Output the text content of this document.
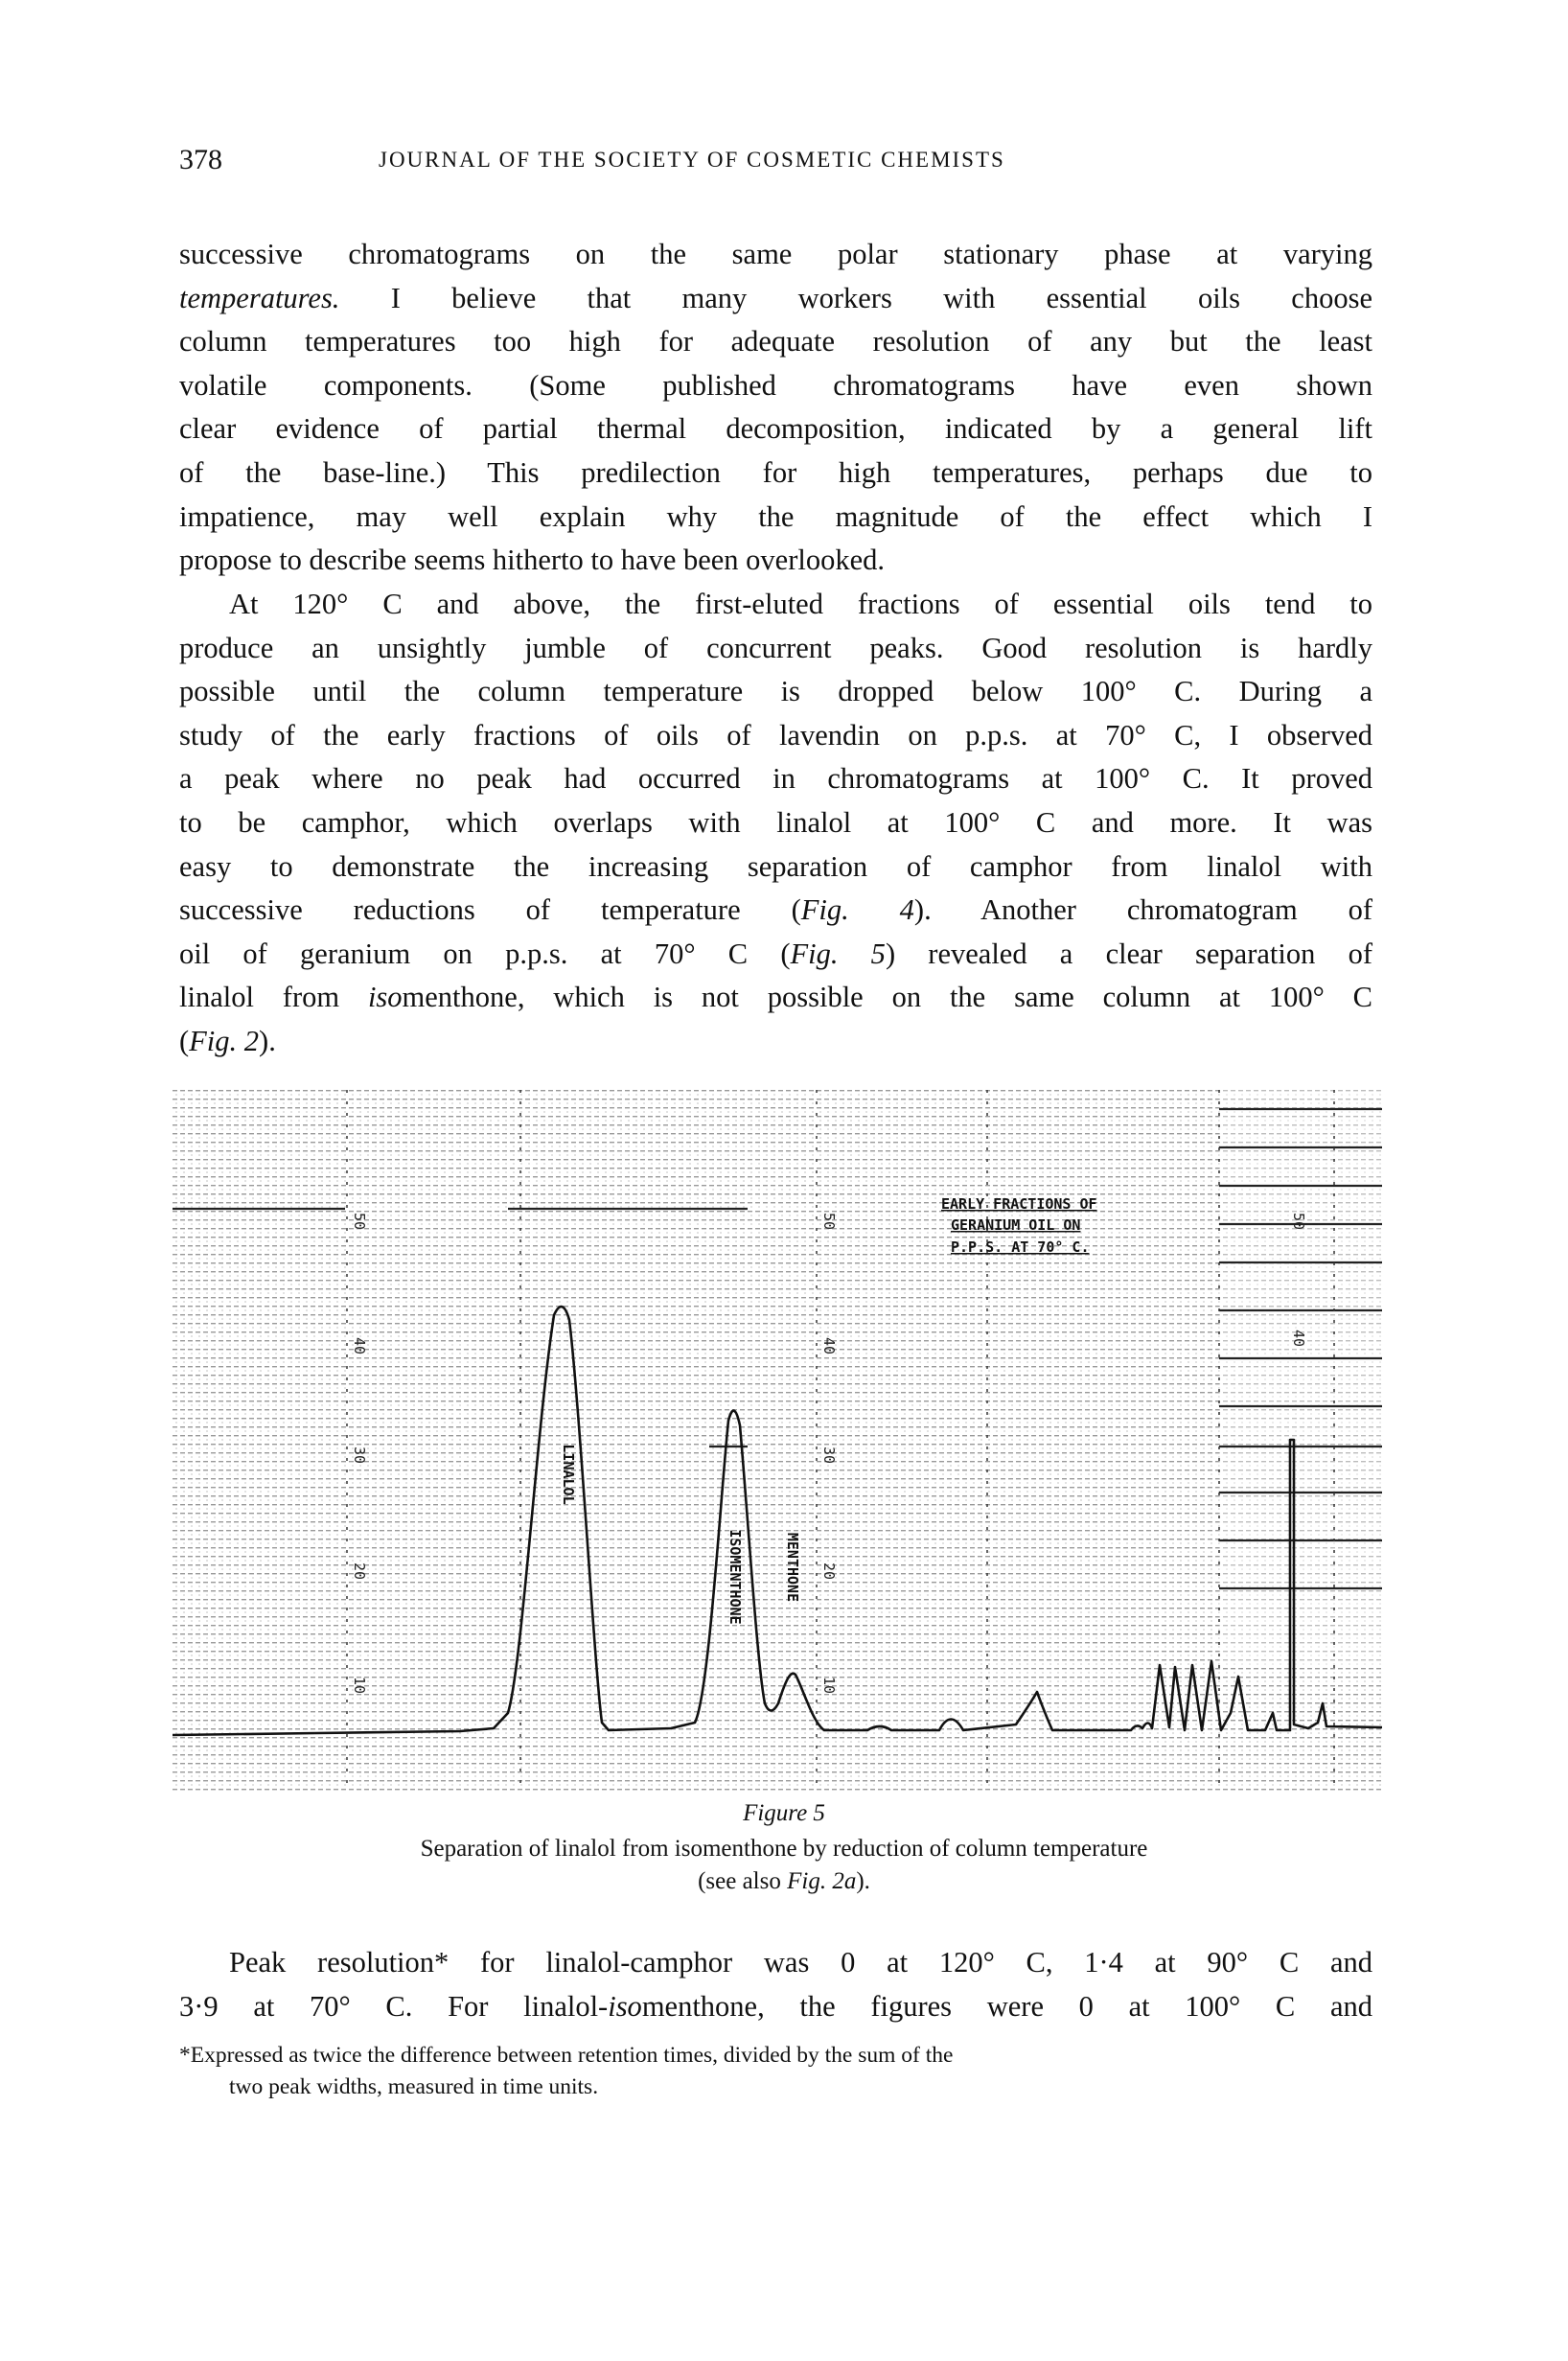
378	JOURNAL OF THE SOCIETY OF COSMETIC CHEMISTS
successive chromatograms on the same polar stationary phase at varying
temperatures. I believe that many workers with essential oils choose
column temperatures too high for adequate resolution of any but the least
volatile components. (Some published chromatograms have even shown
clear evidence of partial thermal decomposition, indicated by a general lift
of the base-line.) This predilection for high temperatures, perhaps due to
impatience, may well explain why the magnitude of the effect which I
propose to describe seems hitherto to have been overlooked.
At 120° C and above, the first-eluted fractions of essential oils tend to
produce an unsightly jumble of concurrent peaks. Good resolution is hardly
possible until the column temperature is dropped below 100° C. During a
study of the early fractions of oils of lavendin on p.p.s. at 70° C, I observed
a peak where no peak had occurred in chromatograms at 100° C. It proved
to be camphor, which overlaps with linalol at 100° C and more. It was
easy to demonstrate the increasing separation of camphor from linalol with
successive reductions of temperature (Fig. 4). Another chromatogram of
oil of geranium on p.p.s. at 70° C (Fig. 5) revealed a clear separation of
linalol from isomenthone, which is not possible on the same column at 100° C
(Fig. 2).
50
40
30
20
10
50
40
30
20
10
50
40
LINALOL
ISOMENTHONE	MENTHONE
EARLY FRACTIONS OF
GERANIUM OIL ON
P.P.S. AT 70° C.
Figure 5
Separation of linalol from isomenthone by reduction of column temperature
(see also Fig. 2a).
Peak resolution* for linalol-camphor was 0 at 120° C, 1·4 at 90° C and
3·9 at 70° C. For linalol-isomenthone, the figures were 0 at 100° C and
*Expressed as twice the difference between retention times, divided by the sum of the
two peak widths, measured in time units.
